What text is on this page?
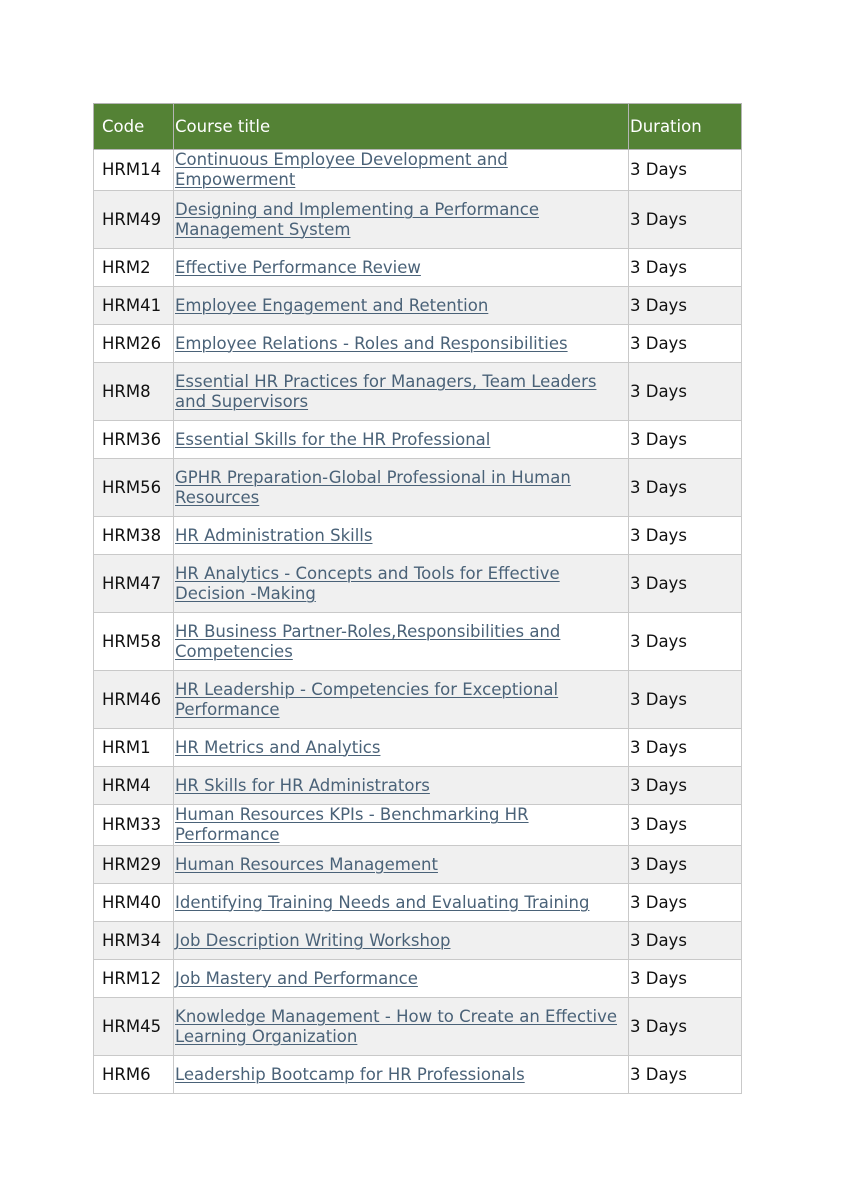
Code	Course title	Duration
HRM14	Continuous Employee Development and Empowerment	3 Days
HRM49	Designing and Implementing a Performance Management System	3 Days
HRM2	Effective Performance Review	3 Days
HRM41	Employee Engagement and Retention	3 Days
HRM26	Employee Relations - Roles and Responsibilities	3 Days
HRM8	Essential HR Practices for Managers, Team Leaders and Supervisors	3 Days
HRM36	Essential Skills for the HR Professional	3 Days
HRM56	GPHR Preparation-Global Professional in Human Resources	3 Days
HRM38	HR Administration Skills	3 Days
HRM47	HR Analytics - Concepts and Tools for Effective Decision -Making	3 Days
HRM58	HR Business Partner-Roles,Responsibilities and Competencies	3 Days
HRM46	HR Leadership - Competencies for Exceptional Performance	3 Days
HRM1	HR Metrics and Analytics	3 Days
HRM4	HR Skills for HR Administrators	3 Days
HRM33	Human Resources KPIs - Benchmarking HR Performance	3 Days
HRM29	Human Resources Management	3 Days
HRM40	Identifying Training Needs and Evaluating Training	3 Days
HRM34	Job Description Writing Workshop	3 Days
HRM12	Job Mastery and Performance	3 Days
HRM45	Knowledge Management - How to Create an Effective Learning Organization	3 Days
HRM6	Leadership Bootcamp for HR Professionals	3 Days
